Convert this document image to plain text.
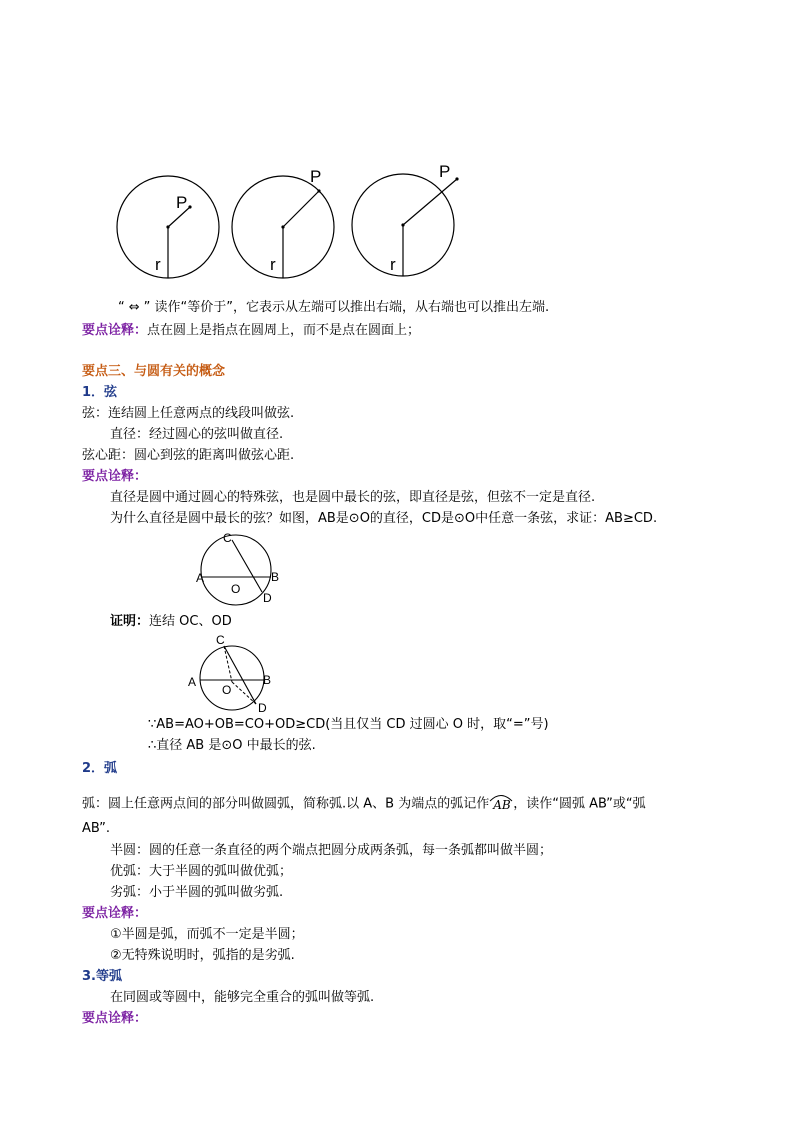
P
r
P
r
P
r
“ ⇔ ” 读作“等价于”，它表示从左端可以推出右端，从右端也可以推出左端.
要点诠释：点在圆上是指点在圆周上，而不是点在圆面上；
要点三、与圆有关的概念
1．弦
弦：连结圆上任意两点的线段叫做弦.
直径：经过圆心的弦叫做直径.
弦心距：圆心到弦的距离叫做弦心距.
要点诠释：
直径是圆中通过圆心的特殊弦，也是圆中最长的弦，即直径是弦，但弦不一定是直径.
为什么直径是圆中最长的弦？如图，AB是⊙O的直径，CD是⊙O中任意一条弦，求证：AB≥CD.
C
A	B
O
D
证明：连结 OC、OD
C
A	B
O
D
∵AB=AO+OB=CO+OD≥CD(当且仅当 CD 过圆心 O 时，取“=”号)
∴直径 AB 是⊙O 中最长的弦.
2．弧
弧：圆上任意两点间的部分叫做圆弧，简称弧.以 A、B 为端点的弧记作 AB ，读作“圆弧 AB”或“弧
AB”.
半圆：圆的任意一条直径的两个端点把圆分成两条弧，每一条弧都叫做半圆；
优弧：大于半圆的弧叫做优弧；
劣弧：小于半圆的弧叫做劣弧.
要点诠释：
①半圆是弧，而弧不一定是半圆；
②无特殊说明时，弧指的是劣弧.
3.等弧
在同圆或等圆中，能够完全重合的弧叫做等弧.
要点诠释：
